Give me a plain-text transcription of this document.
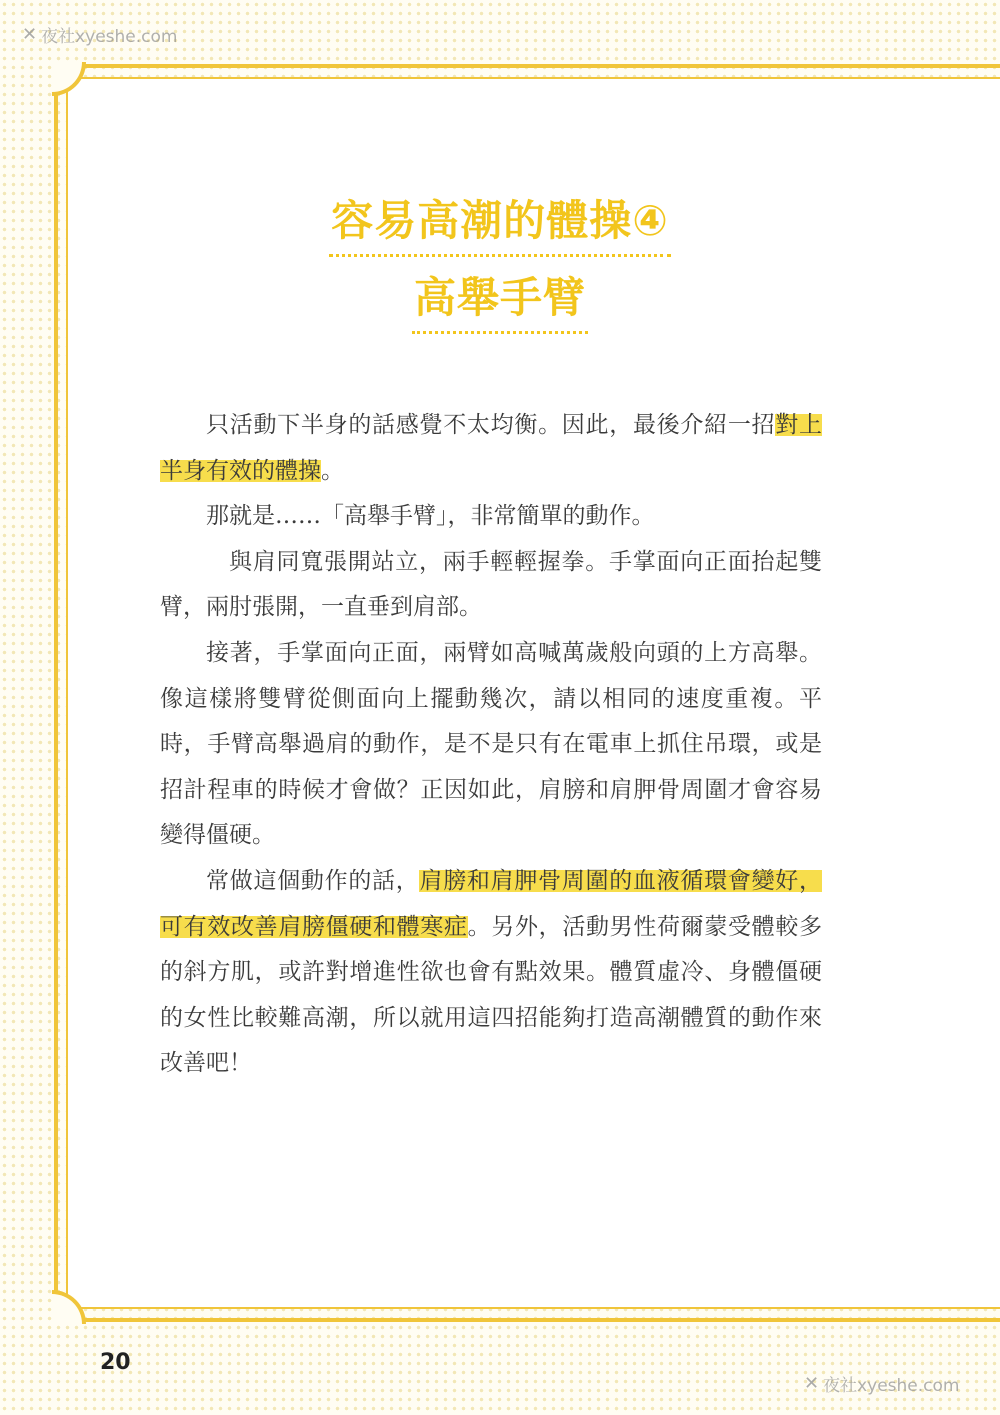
✕ 夜社xyeshe.com
容易高潮的體操④
高舉手臂

只活動下半身的話感覺不太均衡。因此，最後介紹一招對上半身有效的體操。

那就是……「高舉手臂」，非常簡單的動作。

與肩同寬張開站立，兩手輕輕握拳。手掌面向正面抬起雙臂，兩肘張開，一直垂到肩部。

接著，手掌面向正面，兩臂如高喊萬歲般向頭的上方高舉。像這樣將雙臂從側面向上擺動幾次，請以相同的速度重複。平時，手臂高舉過肩的動作，是不是只有在電車上抓住吊環，或是招計程車的時候才會做？正因如此，肩膀和肩胛骨周圍才會容易變得僵硬。

常做這個動作的話，肩膀和肩胛骨周圍的血液循環會變好，可有效改善肩膀僵硬和體寒症。另外，活動男性荷爾蒙受體較多的斜方肌，或許對增進性欲也會有點效果。體質虛冷、身體僵硬的女性比較難高潮，所以就用這四招能夠打造高潮體質的動作來改善吧！

20
✕ 夜社xyeshe.com
